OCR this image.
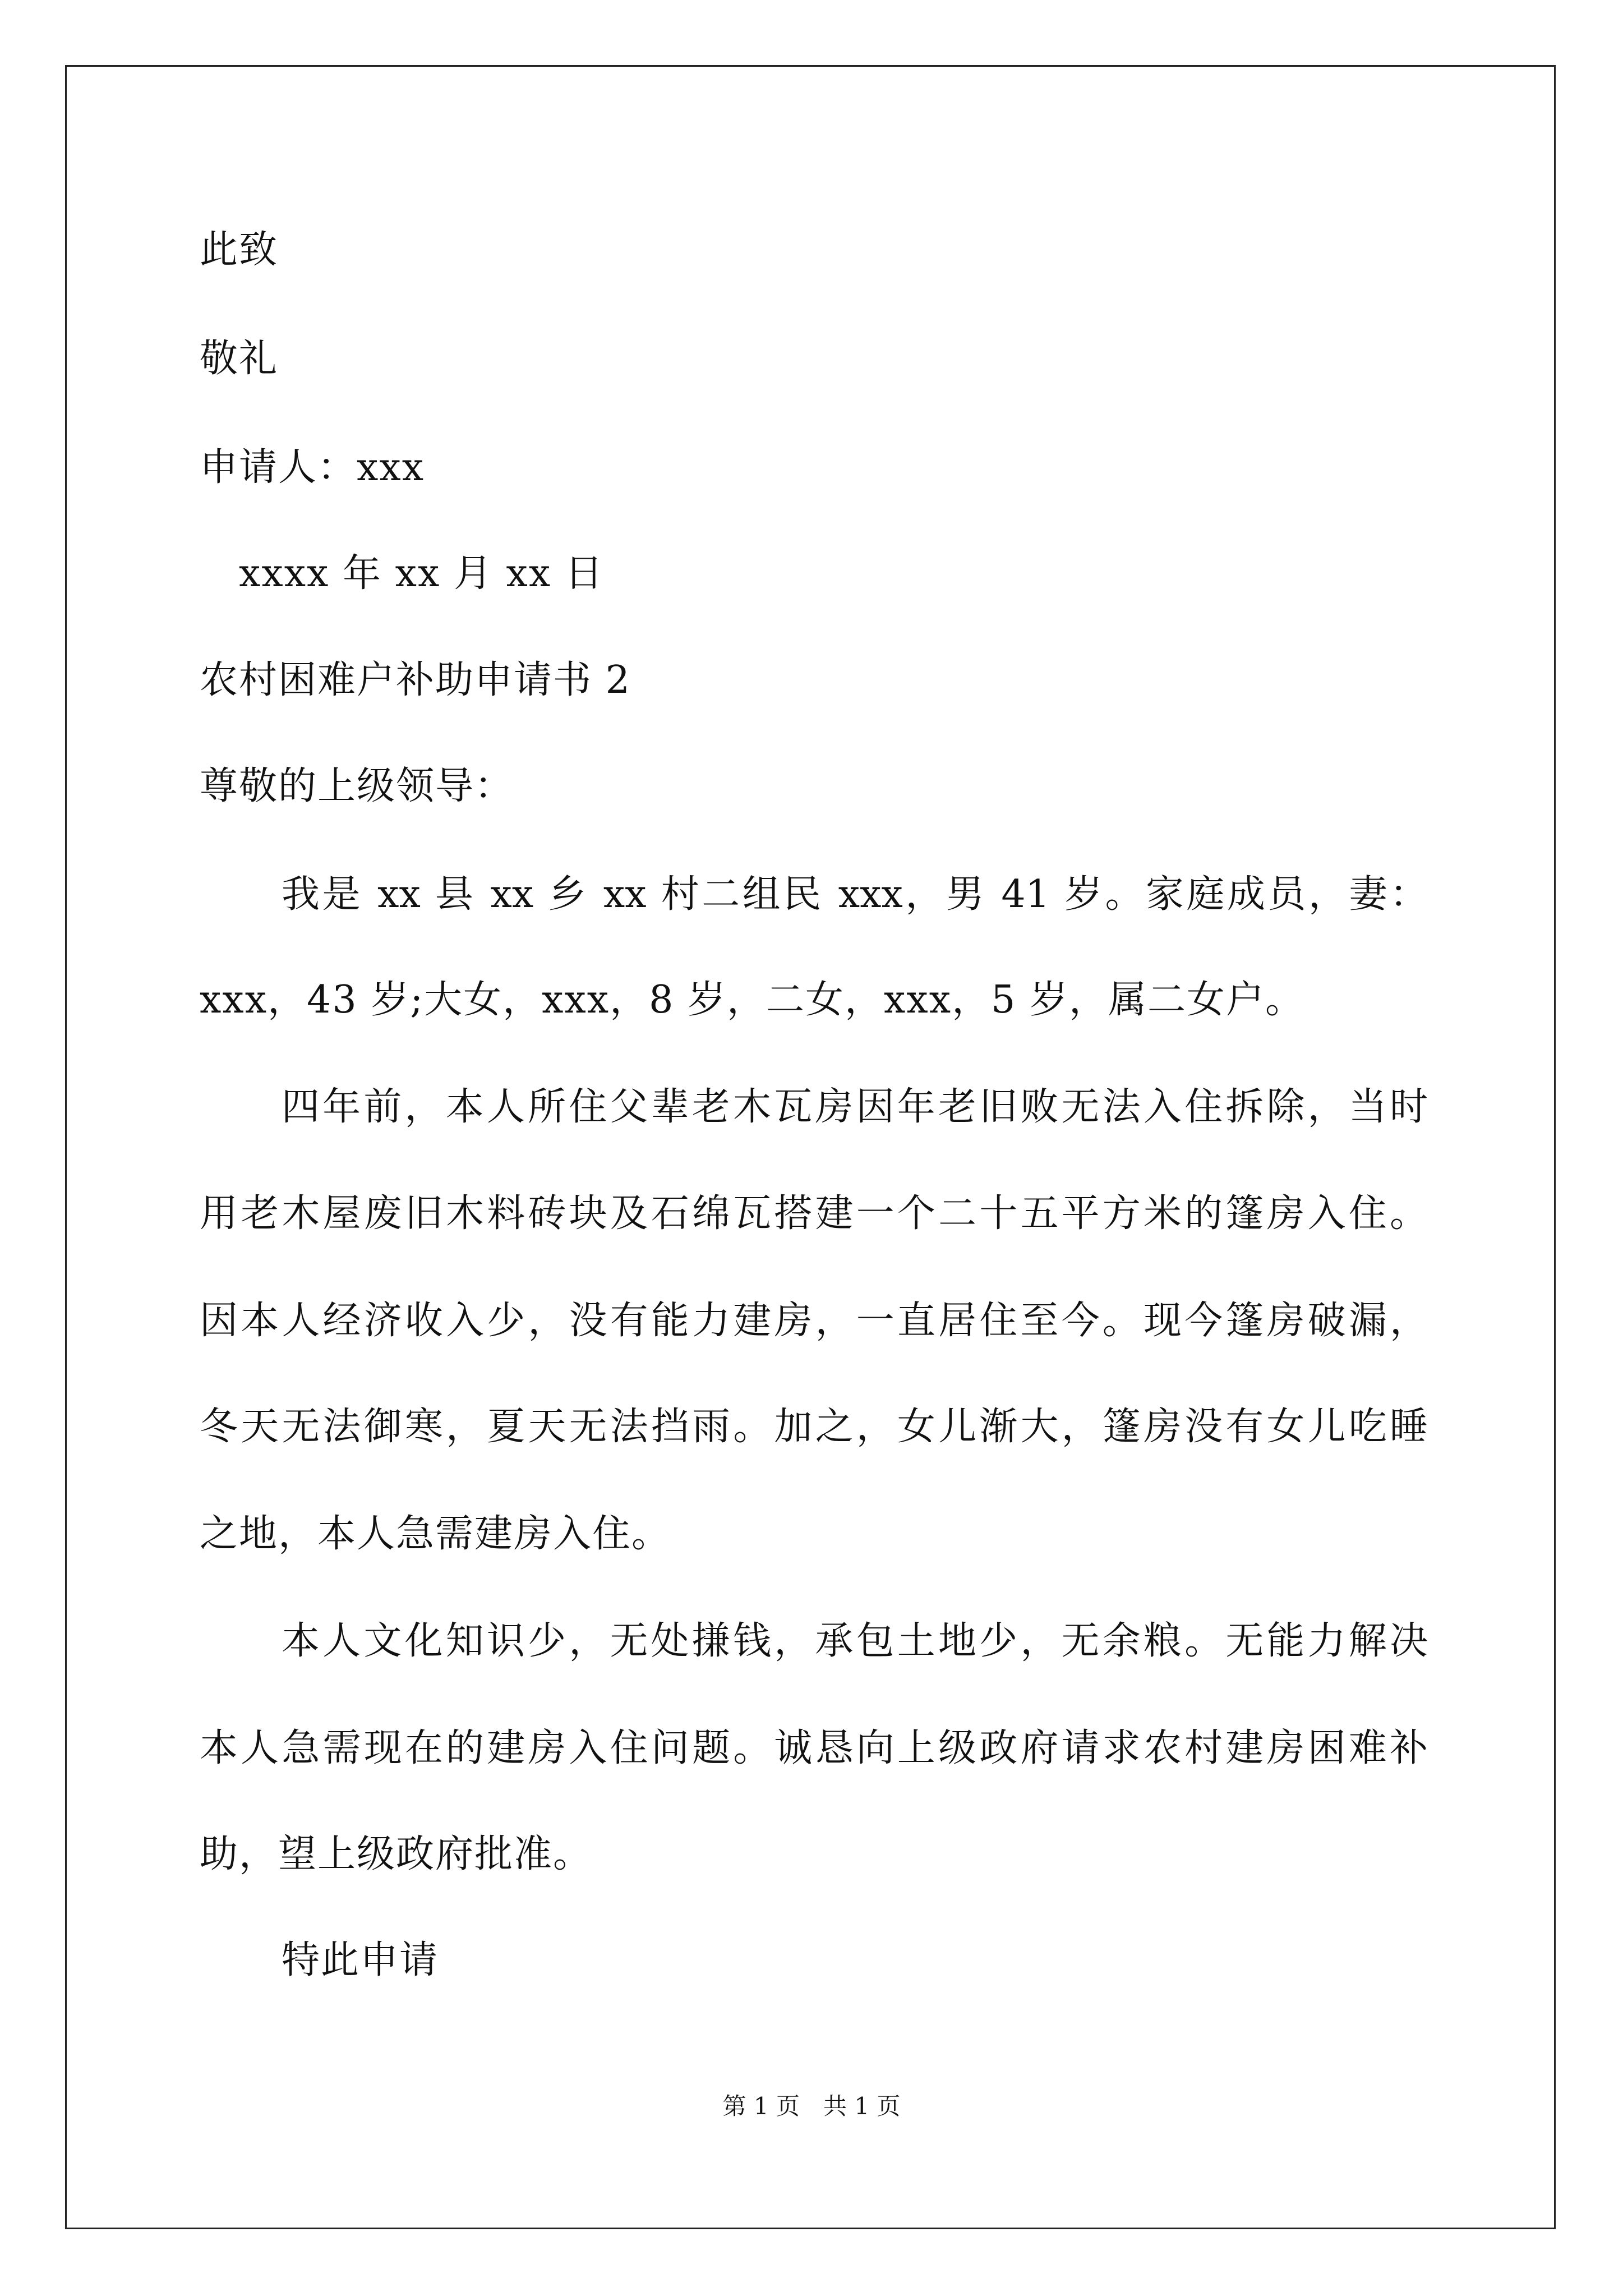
此致
敬礼
申请人：xxx
xxxx 年 xx 月 xx 日
农村困难户补助申请书 2
尊敬的上级领导：
我是 xx 县 xx 乡 xx 村二组民 xxx，男 41 岁。家庭成员，妻：
xxx，43 岁;大女，xxx，8 岁，二女，xxx，5 岁，属二女户。
四年前，本人所住父辈老木瓦房因年老旧败无法入住拆除，当时
用老木屋废旧木料砖块及石绵瓦搭建一个二十五平方米的篷房入住。
因本人经济收入少，没有能力建房，一直居住至今。现今篷房破漏，
冬天无法御寒，夏天无法挡雨。加之，女儿渐大，篷房没有女儿吃睡
之地，本人急需建房入住。
本人文化知识少，无处搛钱，承包土地少，无余粮。无能力解决
本人急需现在的建房入住问题。诚恳向上级政府请求农村建房困难补
助，望上级政府批准。
特此申请
第 1 页　共 1 页
